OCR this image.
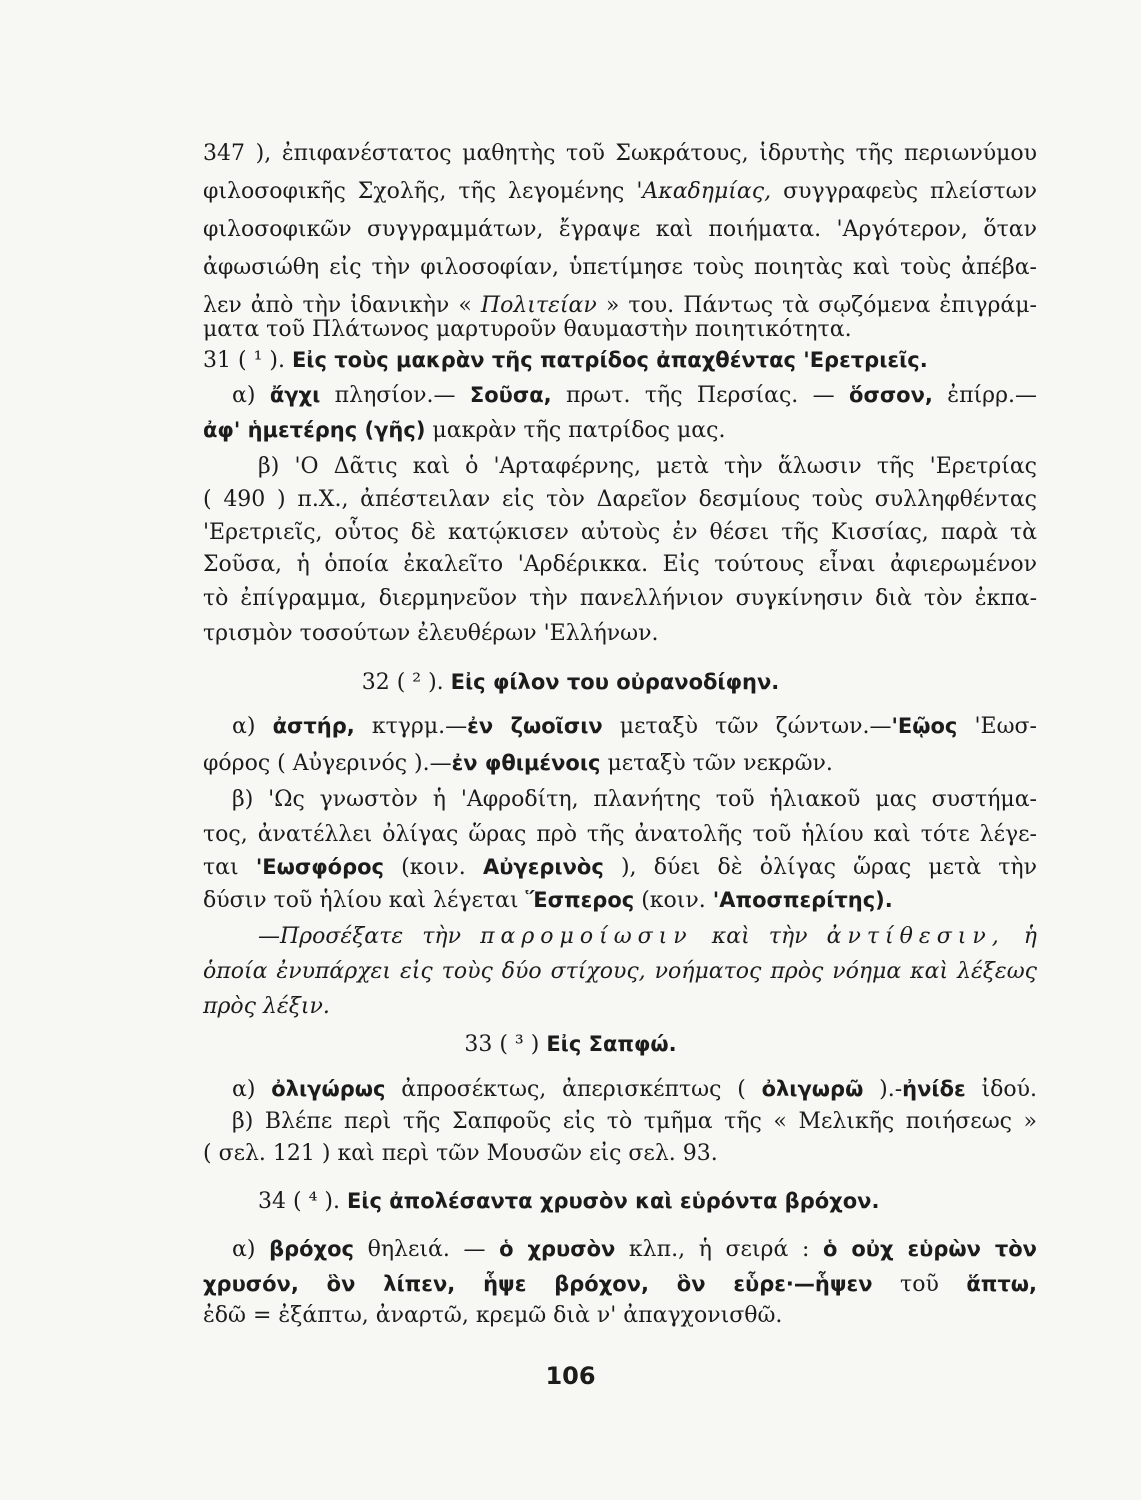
347 ), ἐπιφανέστατος μαθητὴς τοῦ Σωκράτους, ἱδρυτὴς τῆς περιωνύμου
φιλοσοφικῆς Σχολῆς, τῆς λεγομένης 'Ακαδημίας, συγγραφεὺς πλείστων
φιλοσοφικῶν συγγραμμάτων, ἔγραψε καὶ ποιήματα. 'Αργότερον, ὅταν
ἀφωσιώθη εἰς τὴν φιλοσοφίαν, ὑπετίμησε τοὺς ποιητὰς καὶ τοὺς ἀπέβα-
λεν ἀπὸ τὴν ἰδανικὴν « Πολιτείαν » του. Πάντως τὰ σῳζόμενα ἐπιγράμ-
ματα τοῦ Πλάτωνος μαρτυροῦν θαυμαστὴν ποιητικότητα.
31 ( ¹ ). Εἰς τοὺς μακρὰν τῆς πατρίδος ἀπαχθέντας 'Ερετριεῖς.
α) ἄγχι πλησίον.— Σοῦσα, πρωτ. τῆς Περσίας. — ὅσσον, ἐπίρρ.—
ἀφ' ἡμετέρης (γῆς) μακρὰν τῆς πατρίδος μας.
β) 'Ο Δᾶτις καὶ ὁ 'Αρταφέρνης, μετὰ τὴν ἅλωσιν τῆς 'Ερετρίας
( 490 ) π.Χ., ἀπέστειλαν εἰς τὸν Δαρεῖον δεσμίους τοὺς συλληφθέντας
'Ερετριεῖς, οὗτος δὲ κατῴκισεν αὐτοὺς ἐν θέσει τῆς Κισσίας, παρὰ τὰ
Σοῦσα, ἡ ὁποία ἐκαλεῖτο 'Αρδέρικκα. Εἰς τούτους εἶναι ἀφιερωμένον
τὸ ἐπίγραμμα, διερμηνεῦον τὴν πανελλήνιον συγκίνησιν διὰ τὸν ἐκπα-
τρισμὸν τοσούτων ἐλευθέρων 'Ελλήνων.
32 ( ² ). Εἰς φίλον του οὐρανοδίφην.
α) ἀστήρ, κτγρμ.—ἐν ζωοῖσιν μεταξὺ τῶν ζώντων.—'Εῷος 'Εωσ-
φόρος ( Αὐγερινός ).—ἐν φθιμένοις μεταξὺ τῶν νεκρῶν.
β) 'Ως γνωστὸν ἡ 'Αφροδίτη, πλανήτης τοῦ ἡλιακοῦ μας συστήμα-
τος, ἀνατέλλει ὀλίγας ὥρας πρὸ τῆς ἀνατολῆς τοῦ ἡλίου καὶ τότε λέγε-
ται 'Εωσφόρος (κοιν. Αὐγερινὸς ), δύει δὲ ὀλίγας ὥρας μετὰ τὴν
δύσιν τοῦ ἡλίου καὶ λέγεται Ἕσπερος (κοιν. 'Αποσπερίτης).
—Προσέξατε τὴν παρομοίωσιν καὶ τὴν ἀντίθεσιν, ἡ
ὁποία ἐνυπάρχει εἰς τοὺς δύο στίχους, νοήματος πρὸς νόημα καὶ λέξεως
πρὸς λέξιν.
33 ( ³ ) Εἰς Σαπφώ.
α) ὀλιγώρως ἀπροσέκτως, ἀπερισκέπτως ( ὀλιγωρῶ ).-ἠνίδε ἰδού.
β) Βλέπε περὶ τῆς Σαπφοῦς εἰς τὸ τμῆμα τῆς « Μελικῆς ποιήσεως »
( σελ. 121 ) καὶ περὶ τῶν Μουσῶν εἰς σελ. 93.
34 ( ⁴ ). Εἰς ἀπολέσαντα χρυσὸν καὶ εὑρόντα βρόχον.
α) βρόχος θηλειά. — ὁ χρυσὸν κλπ., ἡ σειρά : ὁ οὐχ εὑρὼν τὸν
χρυσόν, ὃν λίπεν, ἧψε βρόχον, ὃν εὗρε·—ἧψεν τοῦ ἅπτω,
ἐδῶ = ἐξάπτω, ἀναρτῶ, κρεμῶ διὰ ν' ἀπαγχονισθῶ.
106
